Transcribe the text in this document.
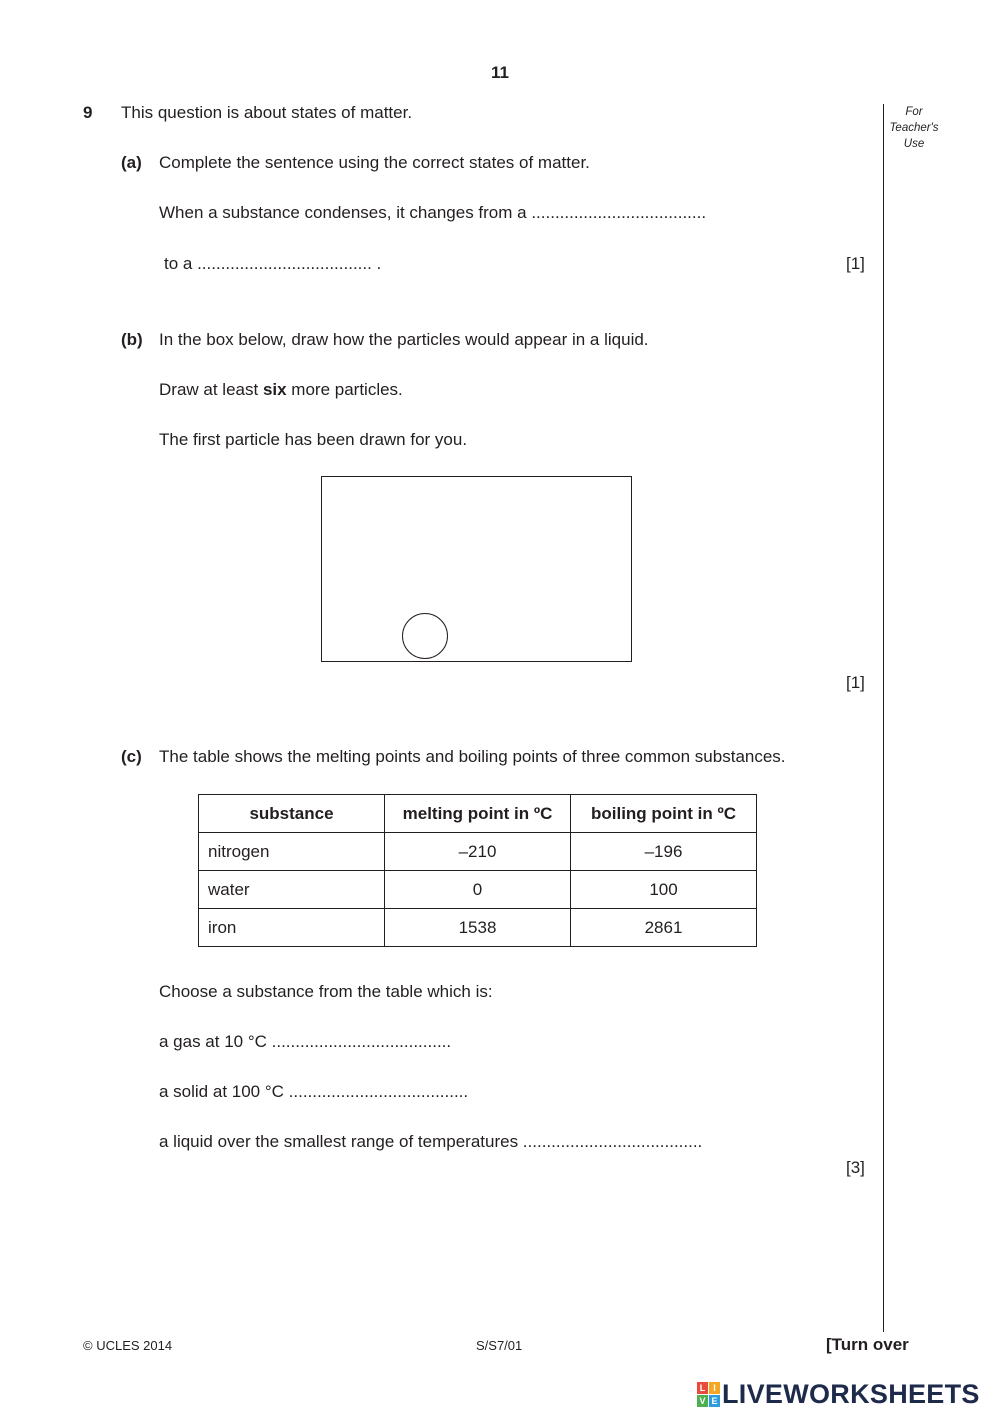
11
For
Teacher's
Use
9 This question is about states of matter.
(a) Complete the sentence using the correct states of matter.
When a substance condenses, it changes from a .....................................
to a ..................................... .	[1]
(b) In the box below, draw how the particles would appear in a liquid.
Draw at least six more particles.
The first particle has been drawn for you.
[1]
(c) The table shows the melting points and boiling points of three common substances.
substance	melting point in ºC	boiling point in ºC
nitrogen	–210	–196
water	0	100
iron	1538	2861
Choose a substance from the table which is:
a gas at 10 °C ......................................
a solid at 100 °C ......................................
a liquid over the smallest range of temperatures ......................................
[3]
© UCLES 2014	S/S7/01	[Turn over
L I
V E LIVEWORKSHEETS
